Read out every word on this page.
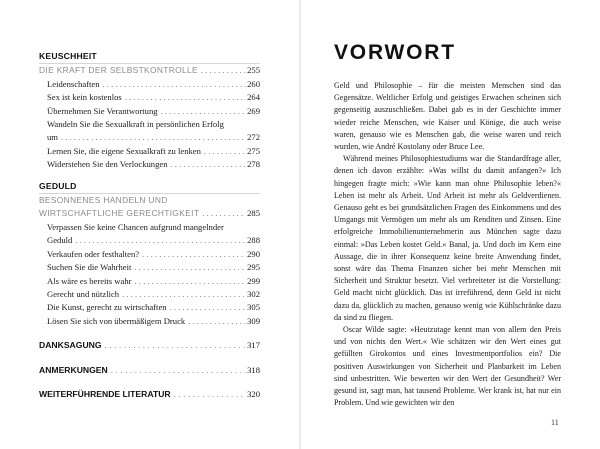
KEUSCHHEIT
DIE KRAFT DER SELBSTKONTROLLE . . .	255
Leidenschaften . . .	260
Sex ist kein kostenlos . . .	264
Übernehmen Sie Verantwortung . . .	269
Wandeln Sie die Sexualkraft in persönlichen Erfolg
um . . .	272
Lernen Sie, die eigene Sexualkraft zu lenken . . .	275
Widerstehen Sie den Verlockungen . . .	278
GEDULD
BESONNENES HANDELN UND
WIRTSCHAFTLICHE GERECHTIGKEIT . . .	285
Verpassen Sie keine Chancen aufgrund mangelnder
Geduld . . .	288
Verkaufen oder festhalten? . . .	290
Suchen Sie die Wahrheit . . .	295
Als wäre es bereits wahr . . .	299
Gerecht und nützlich . . .	302
Die Kunst, gerecht zu wirtschaften . . .	305
Lösen Sie sich von übermäßigem Druck . . .	309
DANKSAGUNG . . .	317
ANMERKUNGEN . . .	318
WEITERFÜHRENDE LITERATUR . . .	320
VORWORT

Geld und Philosophie – für die meisten Menschen sind das Gegensätze. Weltlicher Erfolg und geistiges Erwachen scheinen sich gegenseitig auszuschließen. Dabei gab es in der Geschichte immer wieder reiche Menschen, wie Kaiser und Könige, die auch weise waren, genauso wie es Menschen gab, die weise waren und reich wurden, wie André Kostolany oder Bruce Lee.

Während meines Philosophiestudiums war die Standardfrage aller, denen ich davon erzählte: »Was willst du damit anfangen?« Ich hingegen fragte mich: »Wie kann man ohne Philosophie leben?« Leben ist mehr als Arbeit. Und Arbeit ist mehr als Geldverdienen. Genauso geht es bei grundsätzlichen Fragen des Einkommens und des Umgangs mit Vermögen um mehr als um Renditen und Zinsen. Eine erfolgreiche Immobilienunternehmerin aus München sagte dazu einmal: »Das Leben kostet Geld.« Banal, ja. Und doch im Kern eine Aussage, die in ihrer Konsequenz keine breite Anwendung findet, sonst wäre das Thema Finanzen sicher bei mehr Menschen mit Sicherheit und Struktur besetzt. Viel verbreiteter ist die Vorstellung: Geld macht nicht glücklich. Das ist irreführend, denn Geld ist nicht dazu da, glücklich zu machen, genauso wenig wie Kühlschränke dazu da sind zu fliegen.

Oscar Wilde sagte: »Heutzutage kennt man von allem den Preis und von nichts den Wert.« Wie schätzen wir den Wert eines gut gefüllten Girokontos und eines Investmentportfolios ein? Die positiven Auswirkungen von Sicherheit und Planbarkeit im Leben sind unbestritten. Wie bewerten wir den Wert der Gesundheit? Wer gesund ist, sagt man, hat tausend Probleme. Wer krank ist, hat nur ein Problem. Und wie gewichten wir den

11
